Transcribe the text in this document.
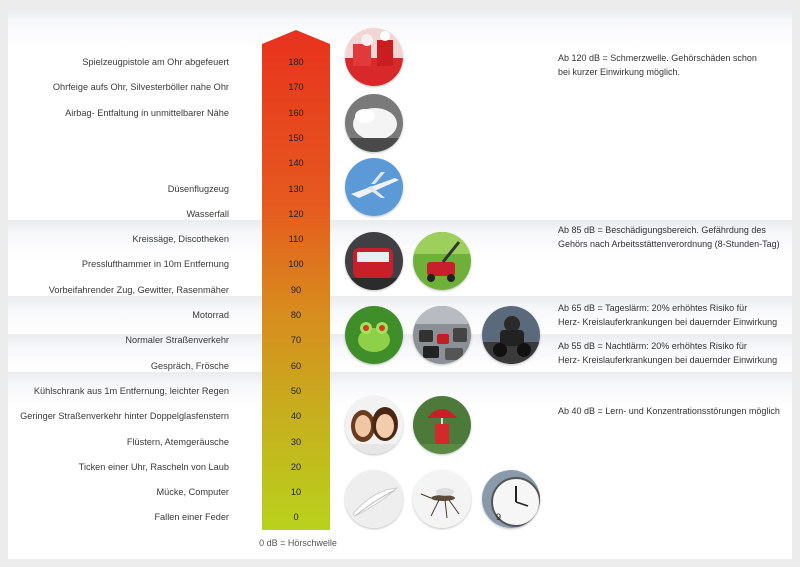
180
Spielzeugpistole am Ohr abgefeuert
170
Ohrfeige aufs Ohr, Silvesterböller nahe Ohr
160
Airbag- Entfaltung in unmittelbarer Nähe
150
140
130
Düsenflugzeug
120
Wasserfall
110
Kreissäge, Discotheken
100
Presslufthammer in 10m Entfernung
90
Vorbeifahrender Zug, Gewitter, Rasenmäher
80
Motorrad
70
Normaler Straßenverkehr
60
Gespräch, Frösche
50
Kühlschrank aus 1m Entfernung, leichter Regen
40
Geringer Straßenverkehr hinter Doppelglasfenstern
30
Flüstern, Atemgeräusche
20
Ticken einer Uhr, Rascheln von Laub
10
Mücke, Computer
0
Fallen einer Feder	9
Ab 120 dB = Schmerzwelle. Gehörschäden schon
bei kurzer Einwirkung möglich.
Ab 85 dB = Beschädigungsbereich. Gefährdung des
Gehörs nach Arbeitsstättenverordnung (8-Stunden-Tag)
Ab 65 dB = Tageslärm: 20% erhöhtes Risiko für
Herz- Kreislauferkrankungen bei dauernder Einwirkung
Ab 55 dB = Nachtlärm: 20% erhöhtes Risiko für
Herz- Kreislauferkrankungen bei dauernder Einwirkung
Ab 40 dB = Lern- und Konzentrationsstörungen möglich
0 dB = Hörschwelle
